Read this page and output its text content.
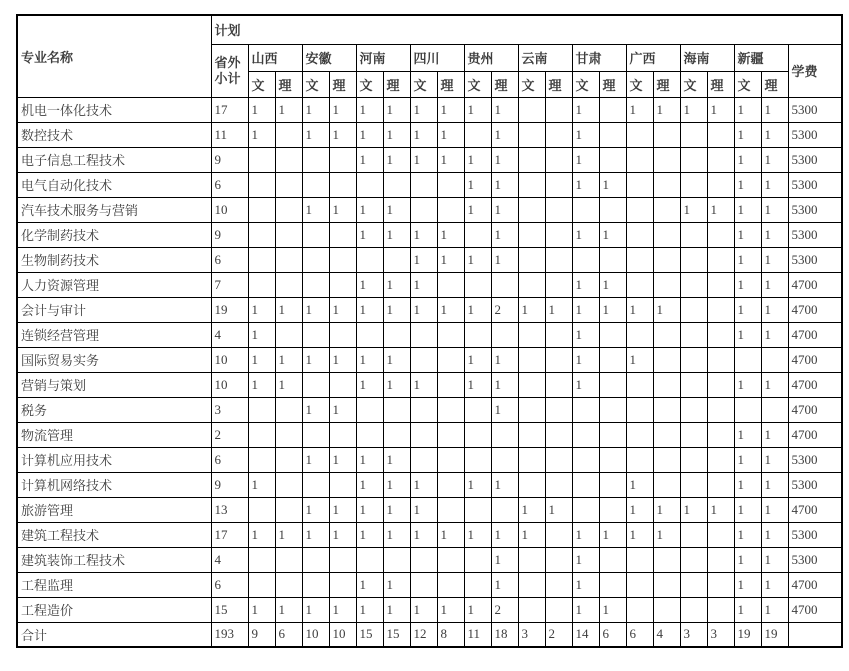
专业名称	计划																					
	省外
小计	山西		安徽		河南		四川		贵州		云南		甘肃		广西		海南		新疆		学费
		文	理	文	理	文	理	文	理	文	理	文	理	文	理	文	理	文	理	文	理	
机电一体化技术	17	1	1	1	1	1	1	1	1	1	1			1		1	1	1	1	1	1	5300
数控技术	11	1		1	1	1	1	1	1		1			1						1	1	5300
电子信息工程技术	9					1	1	1	1	1	1			1						1	1	5300
电气自动化技术	6									1	1			1	1					1	1	5300
汽车技术服务与营销	10			1	1	1	1			1	1							1	1	1	1	5300
化学制药技术	9					1	1	1	1		1			1	1					1	1	5300
生物制药技术	6							1	1	1	1									1	1	5300
人力资源管理	7					1	1	1						1	1					1	1	4700
会计与审计	19	1	1	1	1	1	1	1	1	1	2	1	1	1	1	1	1			1	1	4700
连锁经营管理	4	1												1						1	1	4700
国际贸易实务	10	1	1	1	1	1	1			1	1			1		1						4700
营销与策划	10	1	1			1	1	1		1	1			1						1	1	4700
税务	3			1	1						1											4700
物流管理	2																			1	1	4700
计算机应用技术	6			1	1	1	1													1	1	5300
计算机网络技术	9	1				1	1	1		1	1					1				1	1	5300
旅游管理	13			1	1	1	1	1				1	1			1	1	1	1	1	1	4700
建筑工程技术	17	1	1	1	1	1	1	1	1	1	1	1		1	1	1	1			1	1	5300
建筑装饰工程技术	4										1			1						1	1	5300
工程监理	6					1	1				1			1						1	1	4700
工程造价	15	1	1	1	1	1	1	1	1	1	2			1	1					1	1	4700
合计	193	9	6	10	10	15	15	12	8	11	18	3	2	14	6	6	4	3	3	19	19	
